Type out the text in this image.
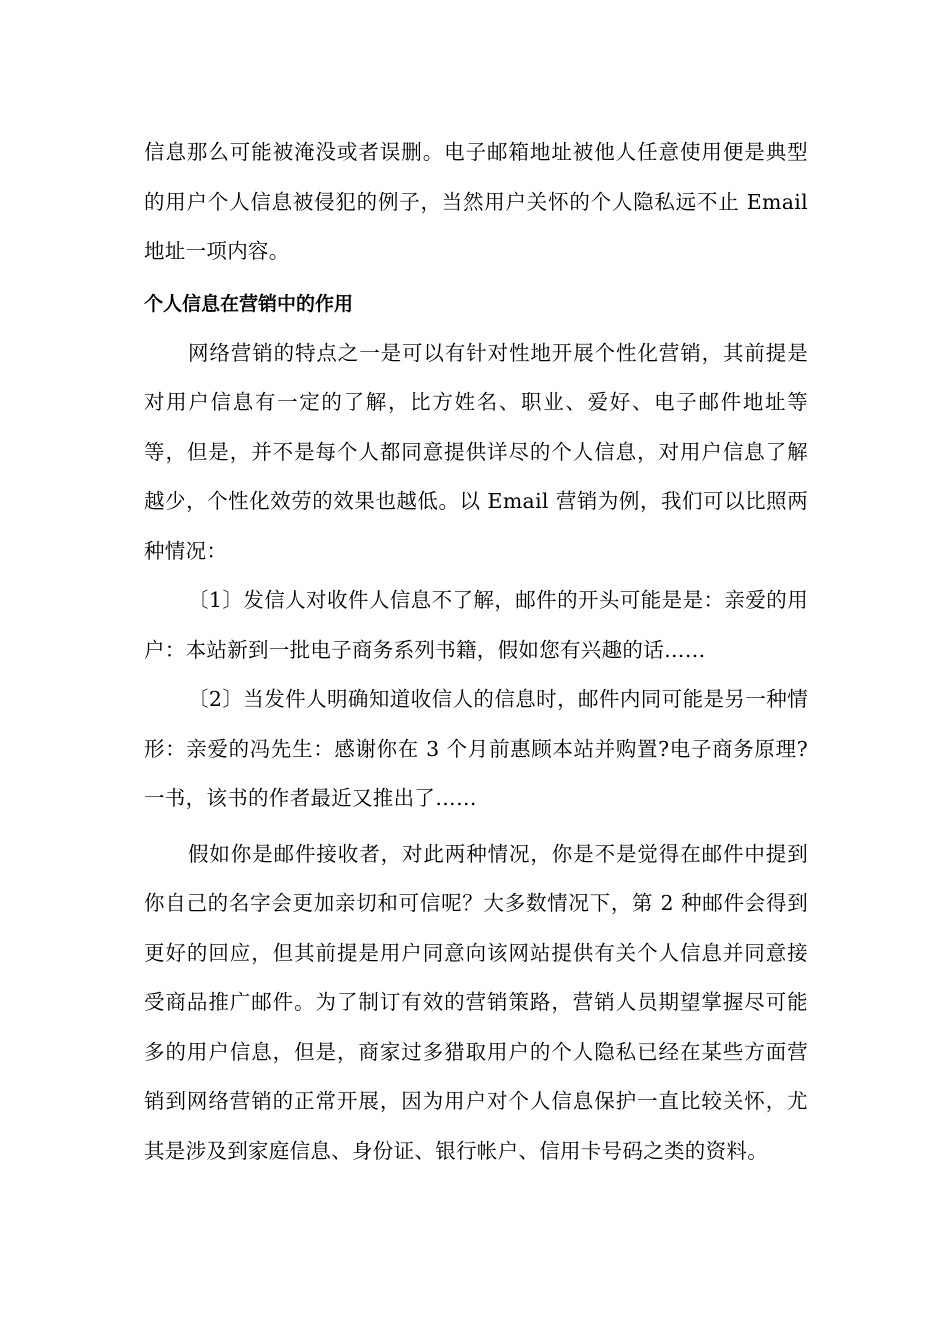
信息那么可能被淹没或者误删。电子邮箱地址被他人任意使用便是典型的用户个人信息被侵犯的例子，当然用户关怀的个人隐私远不止 Email 地址一项内容。

个人信息在营销中的作用

网络营销的特点之一是可以有针对性地开展个性化营销，其前提是对用户信息有一定的了解，比方姓名、职业、爱好、电子邮件地址等等，但是，并不是每个人都同意提供详尽的个人信息，对用户信息了解越少，个性化效劳的效果也越低。以 Email 营销为例，我们可以比照两种情况：

〔1〕发信人对收件人信息不了解，邮件的开头可能是是：亲爱的用户：本站新到一批电子商务系列书籍，假如您有兴趣的话……

〔2〕当发件人明确知道收信人的信息时，邮件内同可能是另一种情形：亲爱的冯先生：感谢你在 3 个月前惠顾本站并购置?电子商务原理?一书，该书的作者最近又推出了……

假如你是邮件接收者，对此两种情况，你是不是觉得在邮件中提到你自己的名字会更加亲切和可信呢？大多数情况下，第 2 种邮件会得到更好的回应，但其前提是用户同意向该网站提供有关个人信息并同意接受商品推广邮件。为了制订有效的营销策路，营销人员期望掌握尽可能多的用户信息，但是，商家过多猎取用户的个人隐私已经在某些方面营销到网络营销的正常开展，因为用户对个人信息保护一直比较关怀，尤其是涉及到家庭信息、身份证、银行帐户、信用卡号码之类的资料。
